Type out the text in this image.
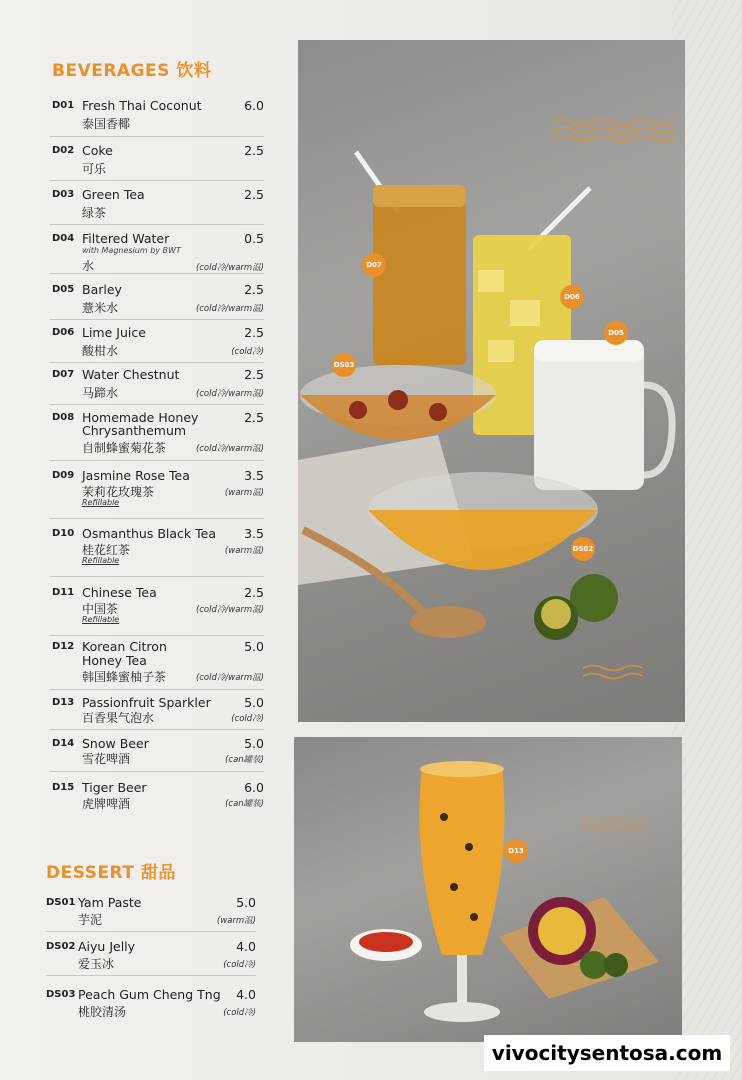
BEVERAGES 饮料
D01 Fresh Thai Coconut	6.0
泰国香椰
D02 Coke	2.5
可乐
D03 Green Tea	2.5
绿茶
D04 Filtered Water	0.5
with Magnesium by BWT
水	(cold冷/warm温)
D05 Barley	2.5
薏米水	(cold冷/warm温)
D06 Lime Juice	2.5
酸柑水	(cold冷)
D07 Water Chestnut	2.5
马蹄水	(cold冷/warm温)
D08 Homemade Honey	2.5
Chrysanthemum
自制蜂蜜菊花茶	(cold冷/warm温)
D09 Jasmine Rose Tea	3.5
茉莉花玫瑰茶	(warm温)
Refillable
D10 Osmanthus Black Tea 3.5
桂花红茶	(warm温)
Refillable
D11 Chinese Tea	2.5
中国茶	(cold冷/warm温)
Refillable
D12 Korean Citron	5.0
Honey Tea
韩国蜂蜜柚子茶	(cold冷/warm温)
D13 Passionfruit Sparkler	5.0
百香果气泡水	(cold冷)
D14 Snow Beer	5.0
雪花啤酒	(can罐装)
D15 Tiger Beer	6.0
虎牌啤酒	(can罐装)
DESSERT 甜品
DS01 Yam Paste	5.0
芋泥	(warm温)
DS02 Aiyu Jelly	4.0
爱玉冰	(cold冷)
DS03 Peach Gum Cheng Tng 4.0
桃胶清汤	(cold冷)
D07
D06
D05
DS03
DS02
D13
vivocitysentosa.com
